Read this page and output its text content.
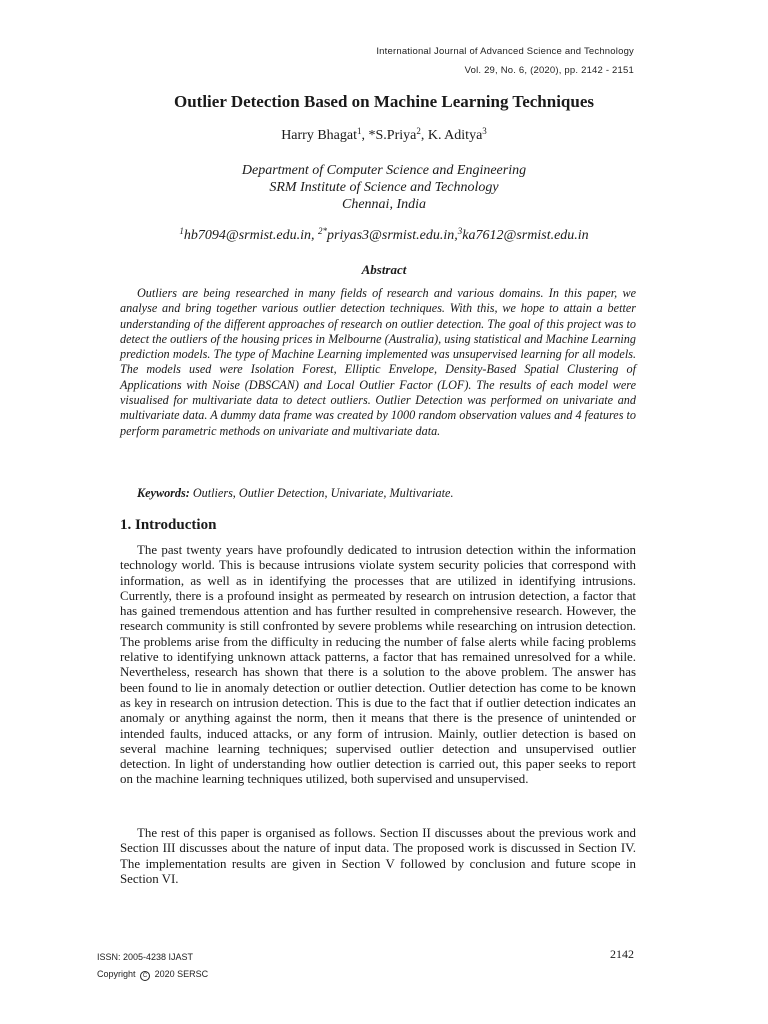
International Journal of Advanced Science and Technology
Vol. 29, No. 6, (2020), pp. 2142 - 2151
Outlier Detection Based on Machine Learning Techniques
Harry Bhagat$^1$, *S.Priya$^2$, K. Aditya$^3$
Department of Computer Science and Engineering
SRM Institute of Science and Technology
Chennai, India
$^1$hb7094@srmist.edu.in, $^{2*}$priyas3@srmist.edu.in,$^3$ka7612@srmist.edu.in
Abstract

Outliers are being researched in many fields of research and various domains. In this paper, we analyse and bring together various outlier detection techniques. With this, we hope to attain a better understanding of the different approaches of research on outlier detection. The goal of this project was to detect the outliers of the housing prices in Melbourne (Australia), using statistical and Machine Learning prediction models. The type of Machine Learning implemented was unsupervised learning for all models. The models used were Isolation Forest, Elliptic Envelope, Density-Based Spatial Clustering of Applications with Noise (DBSCAN) and Local Outlier Factor (LOF). The results of each model were visualised for multivariate data to detect outliers. Outlier Detection was performed on univariate and multivariate data. A dummy data frame was created by 1000 random observation values and 4 features to perform parametric methods on univariate and multivariate data.

Keywords: Outliers, Outlier Detection, Univariate, Multivariate.
1. Introduction

The past twenty years have profoundly dedicated to intrusion detection within the information technology world. This is because intrusions violate system security policies that correspond with information, as well as in identifying the processes that are utilized in identifying intrusions. Currently, there is a profound insight as permeated by research on intrusion detection, a factor that has gained tremendous attention and has further resulted in comprehensive research. However, the research community is still confronted by severe problems while researching on intrusion detection. The problems arise from the difficulty in reducing the number of false alerts while facing problems relative to identifying unknown attack patterns, a factor that has remained unresolved for a while. Nevertheless, research has shown that there is a solution to the above problem. The answer has been found to lie in anomaly detection or outlier detection. Outlier detection has come to be known as key in research on intrusion detection. This is due to the fact that if outlier detection indicates an anomaly or anything against the norm, then it means that there is the presence of unintended or intended faults, induced attacks, or any form of intrusion. Mainly, outlier detection is based on several machine learning techniques; supervised outlier detection and unsupervised outlier detection. In light of understanding how outlier detection is carried out, this paper seeks to report on the machine learning techniques utilized, both supervised and unsupervised.

The rest of this paper is organised as follows. Section II discusses about the previous work and Section III discusses about the nature of input data. The proposed work is discussed in Section IV. The implementation results are given in Section V followed by conclusion and future scope in Section VI.

ISSN: 2005-4238 IJAST
Copyright C 2020 SERSC
2142
